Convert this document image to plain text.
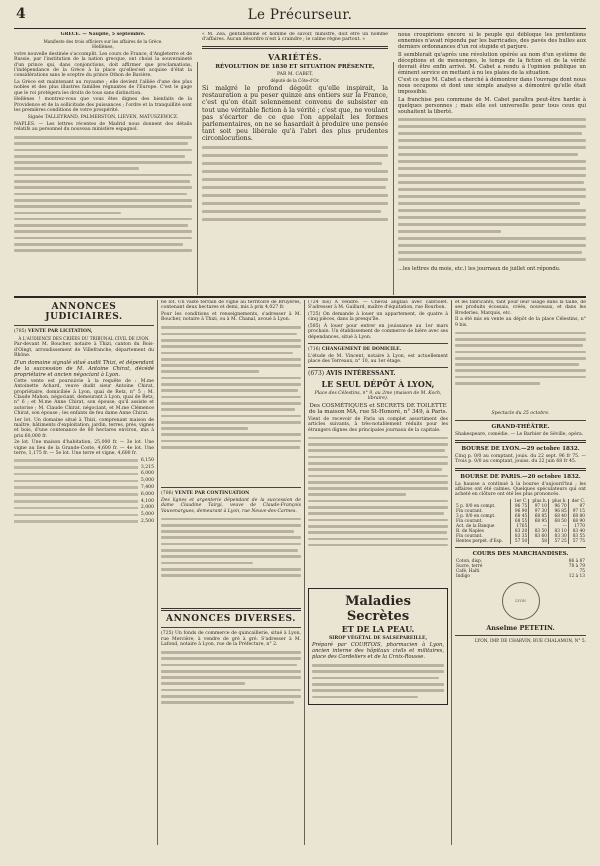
4	Le Précurseur.

GRÈCE. — Nauplie, 5 septembre.

Manifeste des trois officiers sur les affaires de la Grèce.

Hellènes,

votre nouvelle destinée s'accomplit. Les cours de France, d'Angleterre et de Russie, par l'institution de la nation grecque, ont choisi la souveraineté d'un prince qui, dans conjonctions, doit affirmer que proclamations, l'indépendance de la Grèce à la place qu'elles'est acquise d'état la considérations sans le sceptre du prince Othon de Bavière.

La Grèce est maintenant au royaume ; elle devient l'alliée d'une des plus nobles et des plus illustres familles régnantes de l'Europe. C'est le gage que le roi protégera les droits de tous sans distinction.

Hellènes ! montrez-vous que vous êtes dignes des bienfaits de la Providence et de la sollicitude des puissances ; l'ordre et la tranquillité sont les premières conditions de votre prospérité.

Signés TALLEYRAND, PALMERSTON, LIEVEN, MATUSZEWICZ.

NAPLES. — Les lettres récentes de Madrid nous donnent des détails relatifs au personnel du nouveau ministère espagnol.

« M. Zea, gentilhomme et homme de savoir, ministre, doit être un homme d'affaires. Aucun désordre n'est à craindre ; le calme règne partout. »

VARIÉTÉS.
RÉVOLUTION DE 1830 ET SITUATION PRÉSENTE,

PAR M. CABET,

député de la Côte-d'Or.

Si malgré le profond dégoût qu'elle inspirait, la restauration a pu peser quinze ans entiers sur la France, c'est qu'on était solennement convenu de subsister en tout une véritable fiction à la vérité ; c'est que, ne voulant pas s'écarter de ce que l'on appelait les formes parlementaires, on ne se hasardait à produire une pensée tant soit peu libérale qu'à l'abri des plus prudentes circonlocutions.

nous croupirions encore si le peuple qui débloque les prétentions ennemies n'avait répondu par les barricades, des pavés des bulles aux derniers ordonnances d'un roi stupide et parjure.

Il semblerait qu'après une révolution opérée au nom d'un système de déceptions et de mensonges, le temps de la fiction et de la vérité devrait être enfin arrivé. M. Cabet a rendu à l'opinion publique un éminent service en mettant à nu les plaies de la situation.

C'est ce que M. Cabet a cherché à démontrer dans l'ouvrage dont nous nous occupons et dont une simple analyse a démontré qu'elle était impossible.

La franchise peu commune de M. Cabet paraîtra peut-être hardie à quelques personnes ; mais elle est universelle pour tous ceux qui souhaitent la liberté.

...les lettres du mois, etc.) les journaux de juillet ont répondu.

ANNONCES JUDICIAIRES.

(785) VENTE PAR LICITATION,

À L'AUDIENCE DES CRIÉES DU TRIBUNAL CIVIL DE LYON.

Par-devant M. Boucher, notaire à Thizi, canton du Bois-d'Oingt, arrondissement de Villefranche, département du Rhône.

D'un domaine signalé situé audit Thizi, et dépendant de la succession de M. Antoine Chirat, décédé propriétaire et ancien négociant à Lyon.

Cette vente est poursuivie à la requête de : M.me Antoinette Achard, veuve dudit sieur Antoine Chirat, propriétaire, domiciliée à Lyon, quai de Retz, n° 5 ; M. Claude Mahon, négociant, demeurant à Lyon, quai de Retz, n° 6 ; et M.me Anne Chirat, son épouse, qu'il assiste et autorise ; M. Claude Chirat, négociant, et M.me Clémence Chirat, son épouse ; les enfants de feu dame Anne Chirat.

1er lot. Un domaine situé à Thizi, comprenant maison de maître, bâtiments d'exploitation, jardin, terres, prés, vignes et bois, d'une contenance de 80 hectares environ, mis à prix 60,000 fr.

2e lot. Une maison d'habitation, 25,000 fr. — 3e lot. Une vigne au lieu de la Grande-Coste, 4,600 fr. — 4e lot. Une terre, 1,175 fr. — 5e lot. Une terre et vigne, 4,600 fr.

6,150
3,215
6,000
5,000
7,400
6,000
4,100
2,000
5,000
2,500

6e lot. Un vaste terrain de vigne au territoire de Bruyères, contenant deux hectares et demi, mis à prix 4,027 fr.

Pour les conditions et renseignements, s'adresser à M. Boucher, notaire à Thizi, ou à M. Chanal, avoué à Lyon.

(786) VENTE PAR CONTINUATION

Des lignes et argenterie dépendant de la succession de dame Claudine Tairgi, veuve de Claude-François Vauvenargues, demeurant à Lyon, rue Neuve-des-Carmes.

ANNONCES DIVERSES.

(725) Un fonds de commerce de quincaillerie, situé à Lyon, rue Mercière, à vendre de gré à gré. S'adresser à M. Lafond, notaire à Lyon, rue de la Préfecture, n° 2.

(724 bis) A vendre. — Cheval anglais avec cabriolet. S'adresser à M. Gaillard, maître d'équitation, rue Bourbon.

(725) On demande à louer un appartement, de quatre à cinq pièces, dans la presqu'île.

(585) À louer pour entrer en jouissance au 1er mars prochain. Un établissement de commerce de bière avec ses dépendances, situé à Lyon.

(716) CHANGEMENT DE DOMICILE.

L'étude de M. Vincent, notaire à Lyon, est actuellement place des Terreaux, n° 10, au 1er étage.

(673) AVIS INTÉRESSANT.

LE SEUL DÉPÔT À LYON,

Place des Célestins, n° 9, au 2me (maison de M. Koch, libraire).

Des COSMÉTIQUES et SECRETS DE TOILETTE de la maison MA, rue St-Honoré, n° 349, à Paris.

Vient de recevoir de Paris un complet assortiment des articles suivants, à très-notablement réduits pour les étrangers dignes des principales journaux de la capitale.

Maladies Secrètes
ET DE LA PEAU.

SIROP VÉGÉTAL DE SALSEPAREILLE,

Préparé par COURTOIS, pharmacien à Lyon, ancien interne des hôpitaux civils et militaires, place des Cordeliers et de la Croix-Rousse.

et les fabricants, tant pour leur usage dans la taille, de ses produits écossais, créés, nouveaux, et dans les Broderies, Marquis, etc.

Il a été mis en vente au dépôt de la place Célestins, n° 9 bis.

Spectacle du 25 octobre.

GRAND-THÉÂTRE.

Shakespeare, comédie. — Le Barbier de Séville, opéra.

BOURSE DE LYON.—29 octobre 1832.

Cinq p. 0/0 au comptant, jouis. du 22 sept. 96 fr 75. — Trois p. 0/0 au comptant, jouiss. du 22 juin 68 fr 45.

BOURSE DE PARIS.—20 octobre 1832.

La hausse a continué à la bourse d'aujourd'hui ; les affaires ont été calmes. Quelques spéculateurs qui ont acheté en clôture ont été les plus prononcés.

	1er C.	plus h.	plus b.	der C.
5 p. 0/0 en compt.	96 75	97 10	96 70	97
Fin courant.	96 90	97 30	96 85	97 15
3 p. 0/0 en compt.	68 45	68 85	68 40	68 80
Fin courant.	68 55	68 95	68 50	68 90
Act. de la Banque	1765	—	—	1770
R. de Naples	83 20	83 50	83 10	83 40
Fin courant.	83 35	83 60	83 30	83 55
Rentes perpét. d'Esp.	57 50	58	57 25	57 75
COURS DES MARCHANDISES.
Coton, disp.		86 à 87
Sucre, terré		78 à 79
Café, Haïti		75
Indigo		12 à 13
LYON
Anselme PETETIN.
LYON, IMP. DE CHARVIN, RUE CHALAMON, N° 5.
